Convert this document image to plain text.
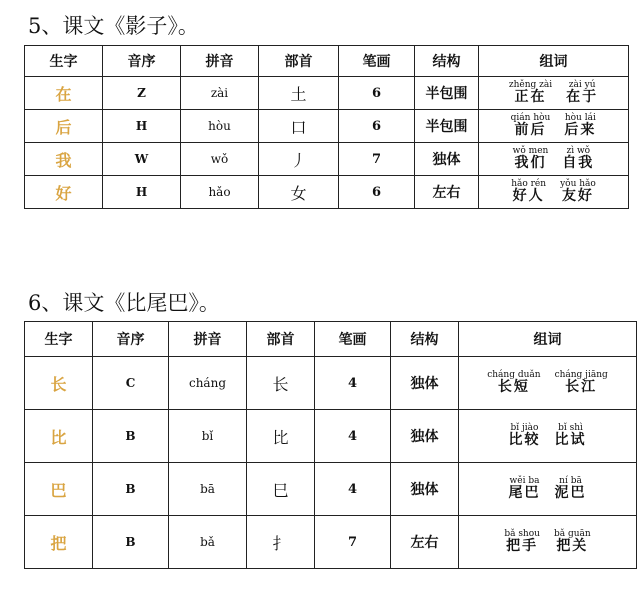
5、课文《影子》。
生字	音序	拼音	部首	笔画	结构	组词
在	Z	zài	土	6	半包围	zhěng zài
正在
zài yú
在于

后	H	hòu	口	6	半包围	qián hòu
前后
hòu lái
后来

我	W	wǒ	丿	7	独体	wǒ men
我们
zì wǒ
自我

好	H	hǎo	女	6	左右	hǎo rén
好人
yǒu hǎo
友好
6、课文《比尾巴》。
生字	音序	拼音	部首	笔画	结构	组词
长	C	cháng	长	4	独体	cháng duǎn
长短
cháng jiāng
长江

比	B	bǐ	比	4	独体	bǐ jiào
比较
bǐ shì
比试

巴	B	bā	巳	4	独体	wěi ba
尾巴
ní bā
泥巴

把	B	bǎ	扌	7	左右	bǎ shou
把手
bǎ guān
把关
